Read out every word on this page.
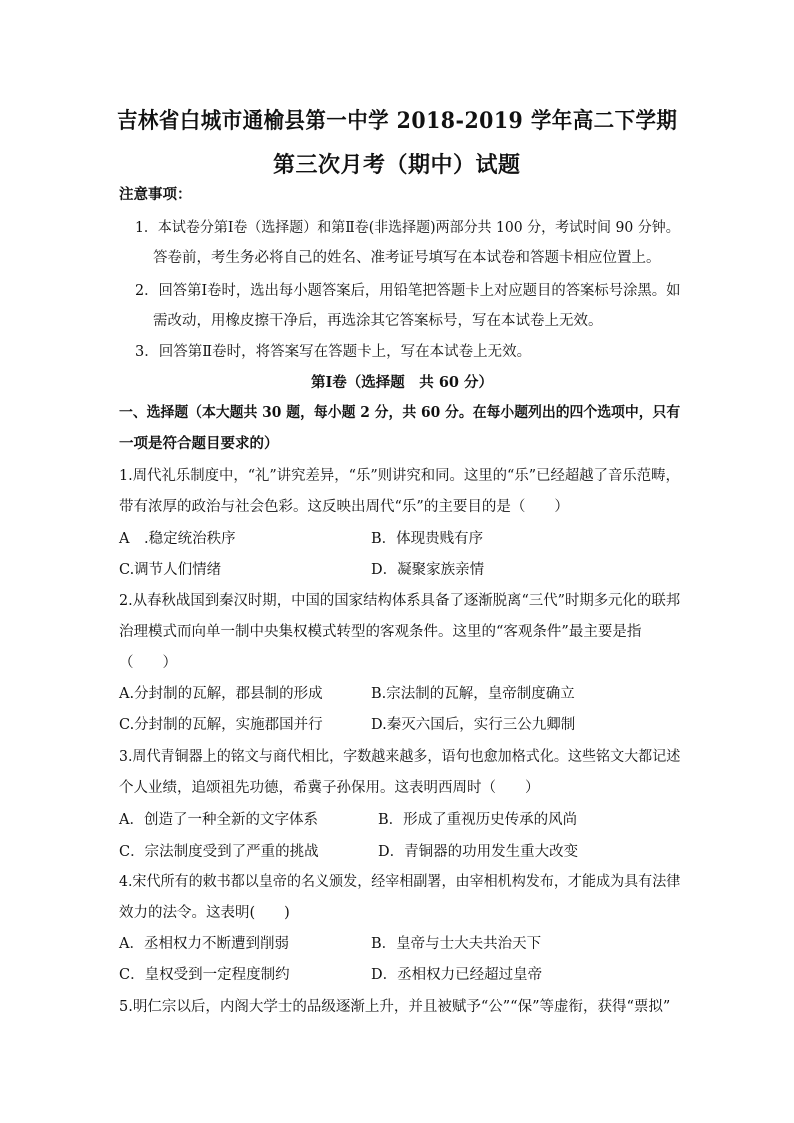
吉林省白城市通榆县第一中学 2018-2019 学年高二下学期
第三次月考（期中）试题
注意事项：
1．本试卷分第Ⅰ卷（选择题）和第Ⅱ卷(非选择题)两部分共 100 分，考试时间 90 分钟。
答卷前，考生务必将自己的姓名、准考证号填写在本试卷和答题卡相应位置上。
2．回答第Ⅰ卷时，选出每小题答案后，用铅笔把答题卡上对应题目的答案标号涂黑。如
需改动，用橡皮擦干净后，再选涂其它答案标号，写在本试卷上无效。
3．回答第Ⅱ卷时，将答案写在答题卡上，写在本试卷上无效。
第Ⅰ卷（选择题　共 60 分）
一、选择题（本大题共 30 题，每小题 2 分，共 60 分。在每小题列出的四个选项中，只有
一项是符合题目要求的）
1.周代礼乐制度中，“礼”讲究差异，“乐”则讲究和同。这里的“乐”已经超越了音乐范畴，
带有浓厚的政治与社会色彩。这反映出周代“乐”的主要目的是（　　）
A　.稳定统治秩序	B．体现贵贱有序
C.调节人们情绪	D．凝聚家族亲情
2.从春秋战国到秦汉时期，中国的国家结构体系具备了逐渐脱离“三代”时期多元化的联邦
治理模式而向单一制中央集权模式转型的客观条件。这里的“客观条件”最主要是指
（　　）
A.分封制的瓦解，郡县制的形成	B.宗法制的瓦解，皇帝制度确立
C.分封制的瓦解，实施郡国并行	D.秦灭六国后，实行三公九卿制
3.周代青铜器上的铭文与商代相比，字数越来越多，语句也愈加格式化。这些铭文大都记述
个人业绩，追颂祖先功德，希冀子孙保用。这表明西周时（　　）
A．创造了一种全新的文字体系	B．形成了重视历史传承的风尚
C．宗法制度受到了严重的挑战	D．青铜器的功用发生重大改变
4.宋代所有的敕书都以皇帝的名义颁发，经宰相副署，由宰相机构发布，才能成为具有法律
效力的法令。这表明(　　)
A．丞相权力不断遭到削弱	B．皇帝与士大夫共治天下
C．皇权受到一定程度制约	D．丞相权力已经超过皇帝
5.明仁宗以后，内阁大学士的品级逐渐上升，并且被赋予“公”“保”等虚衔，获得“票拟”
